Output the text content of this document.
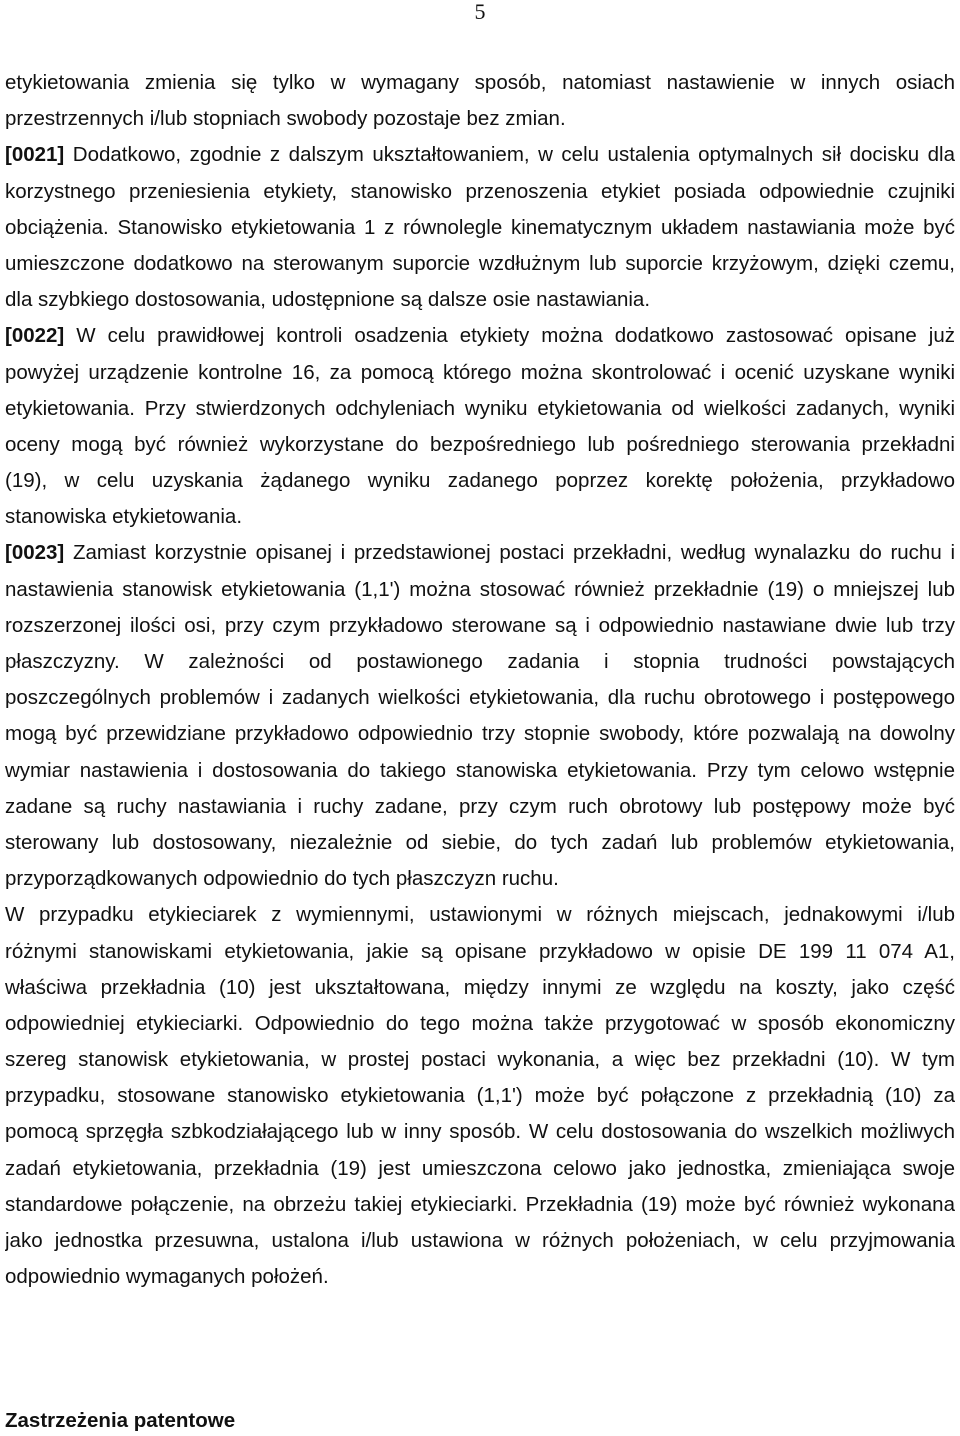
5
etykietowania zmienia się tylko w wymagany sposób, natomiast nastawienie w innych osiach
przestrzennych i/lub stopniach swobody pozostaje bez zmian.
[0021] Dodatkowo, zgodnie z dalszym ukształtowaniem, w celu ustalenia optymalnych sił docisku dla
korzystnego przeniesienia etykiety, stanowisko przenoszenia etykiet posiada odpowiednie czujniki
obciążenia. Stanowisko etykietowania 1 z równolegle kinematycznym układem nastawiania może być
umieszczone dodatkowo na sterowanym suporcie wzdłużnym lub suporcie krzyżowym, dzięki czemu,
dla szybkiego dostosowania, udostępnione są dalsze osie nastawiania.
[0022] W celu prawidłowej kontroli osadzenia etykiety można dodatkowo zastosować opisane już
powyżej urządzenie kontrolne 16, za pomocą którego można skontrolować i ocenić uzyskane wyniki
etykietowania. Przy stwierdzonych odchyleniach wyniku etykietowania od wielkości zadanych, wyniki
oceny mogą być również wykorzystane do bezpośredniego lub pośredniego sterowania przekładni
(19), w celu uzyskania żądanego wyniku zadanego poprzez korektę położenia, przykładowo
stanowiska etykietowania.
[0023] Zamiast korzystnie opisanej i przedstawionej postaci przekładni, według wynalazku do ruchu i
nastawienia stanowisk etykietowania (1,1') można stosować również przekładnie (19) o mniejszej lub
rozszerzonej ilości osi, przy czym przykładowo sterowane są i odpowiednio nastawiane dwie lub trzy
płaszczyzny. W zależności od postawionego zadania i stopnia trudności powstających
poszczególnych problemów i zadanych wielkości etykietowania, dla ruchu obrotowego i postępowego
mogą być przewidziane przykładowo odpowiednio trzy stopnie swobody, które pozwalają na dowolny
wymiar nastawienia i dostosowania do takiego stanowiska etykietowania. Przy tym celowo wstępnie
zadane są ruchy nastawiania i ruchy zadane, przy czym ruch obrotowy lub postępowy może być
sterowany lub dostosowany, niezależnie od siebie, do tych zadań lub problemów etykietowania,
przyporządkowanych odpowiednio do tych płaszczyzn ruchu.
W przypadku etykieciarek z wymiennymi, ustawionymi w różnych miejscach, jednakowymi i/lub
różnymi stanowiskami etykietowania, jakie są opisane przykładowo w opisie DE 199 11 074 A1,
właściwa przekładnia (10) jest ukształtowana, między innymi ze względu na koszty, jako część
odpowiedniej etykieciarki. Odpowiednio do tego można także przygotować w sposób ekonomiczny
szereg stanowisk etykietowania, w prostej postaci wykonania, a więc bez przekładni (10). W tym
przypadku, stosowane stanowisko etykietowania (1,1') może być połączone z przekładnią (10) za
pomocą sprzęgła szbkodziałającego lub w inny sposób. W celu dostosowania do wszelkich możliwych
zadań etykietowania, przekładnia (19) jest umieszczona celowo jako jednostka, zmieniająca swoje
standardowe połączenie, na obrzeżu takiej etykieciarki. Przekładnia (19) może być również wykonana
jako jednostka przesuwna, ustalona i/lub ustawiona w różnych położeniach, w celu przyjmowania
odpowiednio wymaganych położeń.
Zastrzeżenia patentowe
